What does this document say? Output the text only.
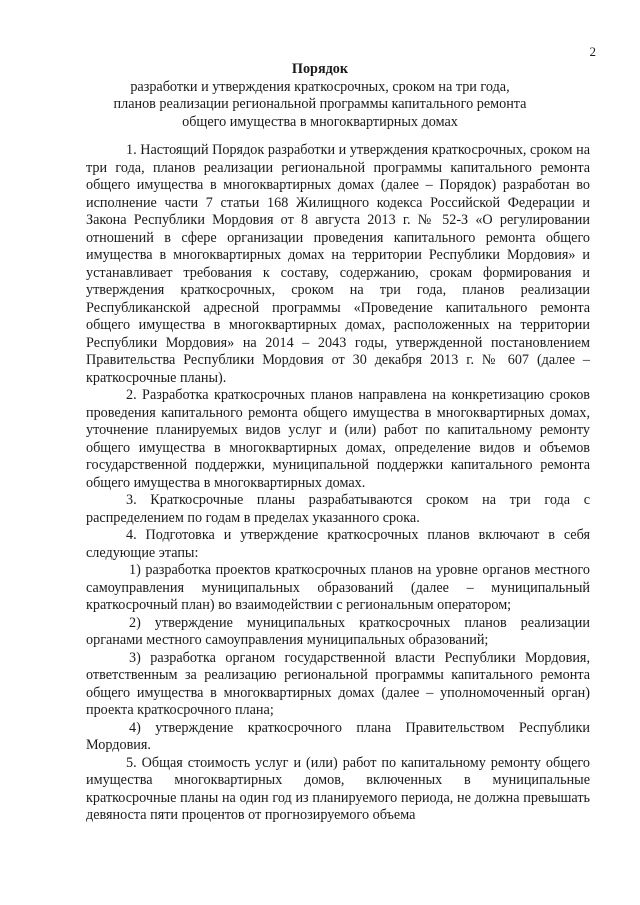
2
Порядок
разработки и утверждения краткосрочных, сроком на три года,
планов реализации региональной программы капитального ремонта
общего имущества в многоквартирных домах

1. Настоящий Порядок разработки и утверждения краткосрочных, сроком на три года, планов реализации региональной программы капитального ремонта общего имущества в многоквартирных домах (далее – Порядок) разработан во исполнение части 7 статьи 168 Жилищного кодекса Российской Федерации и Закона Республики Мордовия от 8 августа 2013 г. № 52-З «О регулировании отношений в сфере организации проведения капитального ремонта общего имущества в многоквартирных домах на территории Республики Мордовия» и устанавливает требования к составу, содержанию, срокам формирования и утверждения краткосрочных, сроком на три года, планов реализации Республиканской адресной программы «Проведение капитального ремонта общего имущества в многоквартирных домах, расположенных на территории Республики Мордовия» на 2014 – 2043 годы, утвержденной постановлением Правительства Республики Мордовия от 30 декабря 2013 г. № 607 (далее – краткосрочные планы).

2. Разработка краткосрочных планов направлена на конкретизацию сроков проведения капитального ремонта общего имущества в многоквартирных домах, уточнение планируемых видов услуг и (или) работ по капитальному ремонту общего имущества в многоквартирных домах, определение видов и объемов государственной поддержки, муниципальной поддержки капитального ремонта общего имущества в многоквартирных домах.

3. Краткосрочные планы разрабатываются сроком на три года с распределением по годам в пределах указанного срока.

4. Подготовка и утверждение краткосрочных планов включают в себя следующие этапы:

1) разработка проектов краткосрочных планов на уровне органов местного самоуправления муниципальных образований (далее – муниципальный краткосрочный план) во взаимодействии с региональным оператором;

2) утверждение муниципальных краткосрочных планов реализации органами местного самоуправления муниципальных образований;

3) разработка органом государственной власти Республики Мордовия, ответственным за реализацию региональной программы капитального ремонта общего имущества в многоквартирных домах (далее – уполномоченный орган) проекта краткосрочного плана;

4) утверждение краткосрочного плана Правительством Республики Мордовия.

5. Общая стоимость услуг и (или) работ по капитальному ремонту общего имущества многоквартирных домов, включенных в муниципальные краткосрочные планы на один год из планируемого периода, не должна превышать девяноста пяти процентов от прогнозируемого объема
